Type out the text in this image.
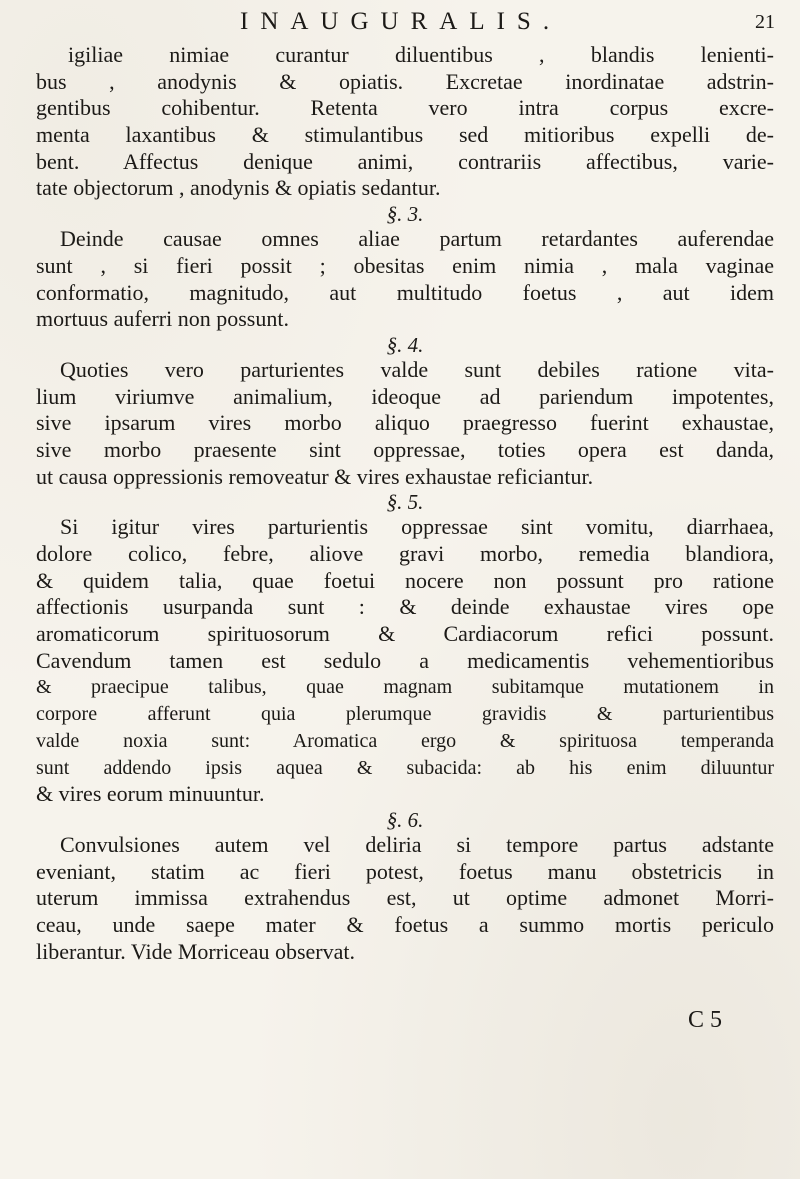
INAUGURALIS.	21
igiliae nimiae curantur diluentibus , blandis lenienti-
bus , anodynis & opiatis. Excretae inordinatae adstrin-
gentibus cohibentur. Retenta vero intra corpus excre-
menta laxantibus & stimulantibus sed mitioribus expelli de-
bent. Affectus denique animi, contrariis affectibus, varie-
tate objectorum , anodynis & opiatis sedantur.
§. 3.
Deinde causae omnes aliae partum retardantes auferendae
sunt , si fieri possit ; obesitas enim nimia , mala vaginae
conformatio, magnitudo, aut multitudo foetus , aut idem
mortuus auferri non possunt.
§. 4.
Quoties vero parturientes valde sunt debiles ratione vita-
lium viriumve animalium, ideoque ad pariendum impotentes,
sive ipsarum vires morbo aliquo praegresso fuerint exhaustae,
sive morbo praesente sint oppressae, toties opera est danda,
ut causa oppressionis removeatur & vires exhaustae reficiantur.
§. 5.
Si igitur vires parturientis oppressae sint vomitu, diarrhaea,
dolore colico, febre, aliove gravi morbo, remedia blandiora,
& quidem talia, quae foetui nocere non possunt pro ratione
affectionis usurpanda sunt : & deinde exhaustae vires ope
aromaticorum spirituosorum & Cardiacorum refici possunt.
Cavendum tamen est sedulo a medicamentis vehementioribus
& praecipue talibus, quae magnam subitamque mutationem in
corpore afferunt quia plerumque gravidis & parturientibus
valde noxia sunt: Aromatica ergo & spirituosa temperanda
sunt addendo ipsis aquea & subacida: ab his enim diluuntur
& vires eorum minuuntur.
§. 6.
Convulsiones autem vel deliria si tempore partus adstante
eveniant, statim ac fieri potest, foetus manu obstetricis in
uterum immissa extrahendus est, ut optime admonet Morri-
ceau, unde saepe mater & foetus a summo mortis periculo
liberantur. Vide Morriceau observat.
C 5
